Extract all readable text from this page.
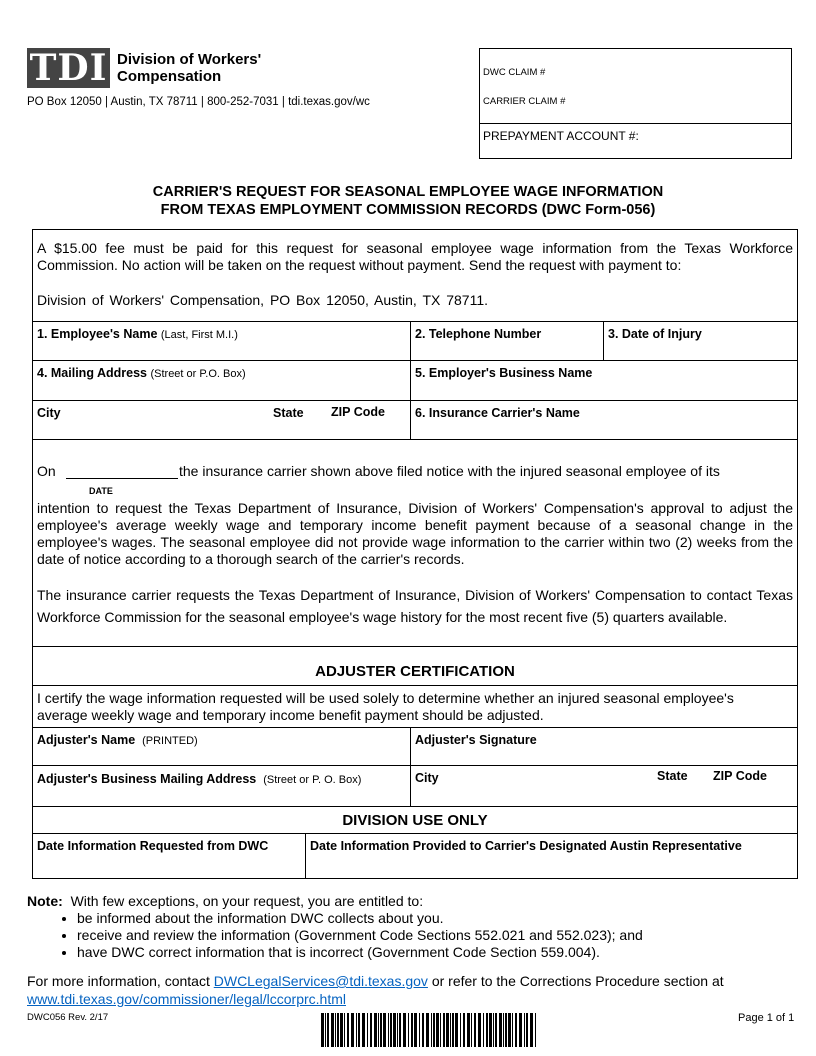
TDI Division of Workers'
Compensation
PO Box 12050 | Austin, TX 78711 | 800-252-7031 | tdi.texas.gov/wc
DWC CLAIM #
CARRIER CLAIM #
PREPAYMENT ACCOUNT #:
CARRIER'S REQUEST FOR SEASONAL EMPLOYEE WAGE INFORMATION
FROM TEXAS EMPLOYMENT COMMISSION RECORDS (DWC Form-056)
A $15.00 fee must be paid for this request for seasonal employee wage information from the Texas Workforce Commission. No action will be taken on the request without payment. Send the request with payment to:
Division of Workers' Compensation, PO Box 12050, Austin, TX 78711.
1. Employee's Name (Last, First M.I.)	2. Telephone Number	3. Date of Injury
4. Mailing Address (Street or P.O. Box)	5. Employer's Business Name
City	State ZIP Code 6. Insurance Carrier's Name
On	the insurance carrier shown above filed notice with the injured seasonal employee of its
DATE
intention to request the Texas Department of Insurance, Division of Workers' Compensation's approval to adjust the employee's average weekly wage and temporary income benefit payment because of a seasonal change in the employee's wages. The seasonal employee did not provide wage information to the carrier within two (2) weeks from the date of notice according to a thorough search of the carrier's records.
The insurance carrier requests the Texas Department of Insurance, Division of Workers' Compensation to contact Texas Workforce Commission for the seasonal employee's wage history for the most recent five (5) quarters available.
ADJUSTER CERTIFICATION
I certify the wage information requested will be used solely to determine whether an injured seasonal employee's average weekly wage and temporary income benefit payment should be adjusted.
Adjuster's Name (PRINTED)	Adjuster's Signature
Adjuster's Business Mailing Address (Street or P. O. Box)	City	State ZIP Code
DIVISION USE ONLY
Date Information Requested from DWC	Date Information Provided to Carrier's Designated Austin Representative
Note: With few exceptions, on your request, you are entitled to:
• be informed about the information DWC collects about you.
• receive and review the information (Government Code Sections 552.021 and 552.023); and
• have DWC correct information that is incorrect (Government Code Section 559.004).
For more information, contact DWCLegalServices@tdi.texas.gov or refer to the Corrections Procedure section at
www.tdi.texas.gov/commissioner/legal/lccorprc.html
DWC056 Rev. 2/17	Page 1 of 1
